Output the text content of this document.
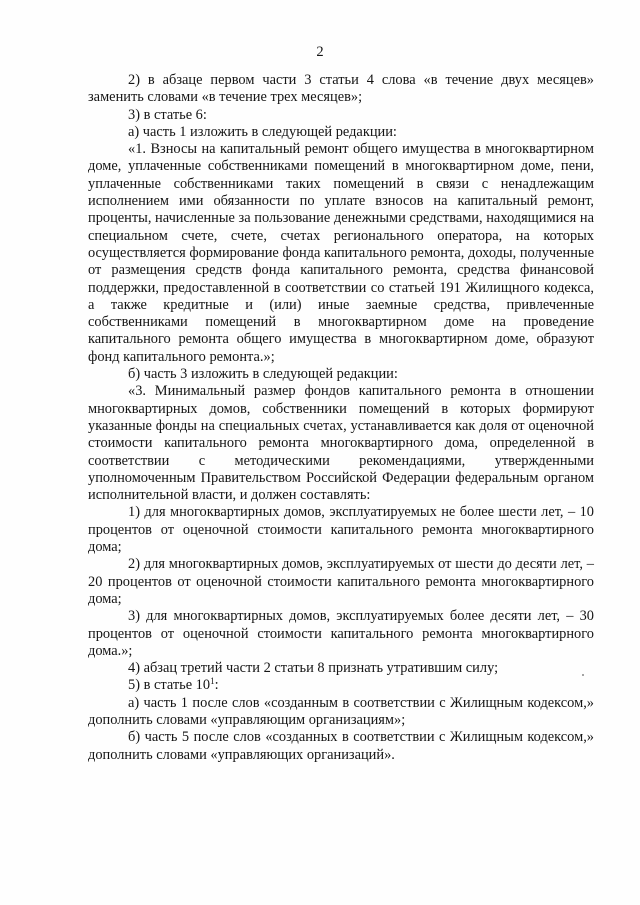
2

2) в абзаце первом части 3 статьи 4 слова «в течение двух месяцев» заменить словами «в течение трех месяцев»;

3) в статье 6:

а) часть 1 изложить в следующей редакции:

«1. Взносы на капитальный ремонт общего имущества в многоквартирном доме, уплаченные собственниками помещений в многоквартирном доме, пени, уплаченные собственниками таких помещений в связи с ненадлежащим исполнением ими обязанности по уплате взносов на капитальный ремонт, проценты, начисленные за пользование денежными средствами, находящимися на специальном счете, счете, счетах регионального оператора, на которых осуществляется формирование фонда капитального ремонта, доходы, полученные от размещения средств фонда капитального ремонта, средства финансовой поддержки, предоставленной в соответствии со статьей 191 Жилищного кодекса, а также кредитные и (или) иные заемные средства, привлеченные собственниками помещений в многоквартирном доме на проведение капитального ремонта общего имущества в многоквартирном доме, образуют фонд капитального ремонта.»;

б) часть 3 изложить в следующей редакции:

«3. Минимальный размер фондов капитального ремонта в отношении многоквартирных домов, собственники помещений в которых формируют указанные фонды на специальных счетах, устанавливается как доля от оценочной стоимости капитального ремонта многоквартирного дома, определенной в соответствии с методическими рекомендациями, утвержденными уполномоченным Правительством Российской Федерации федеральным органом исполнительной власти, и должен составлять:

1) для многоквартирных домов, эксплуатируемых не более шести лет, – 10 процентов от оценочной стоимости капитального ремонта многоквартирного дома;

2) для многоквартирных домов, эксплуатируемых от шести до десяти лет, – 20 процентов от оценочной стоимости капитального ремонта многоквартирного дома;

3) для многоквартирных домов, эксплуатируемых более десяти лет, – 30 процентов от оценочной стоимости капитального ремонта многоквартирного дома.»;

4) абзац третий части 2 статьи 8 признать утратившим силу;

5) в статье $10^1$:

а) часть 1 после слов «созданным в соответствии с Жилищным кодексом,» дополнить словами «управляющим организациям»;

б) часть 5 после слов «созданных в соответствии с Жилищным кодексом,» дополнить словами «управляющих организаций».
